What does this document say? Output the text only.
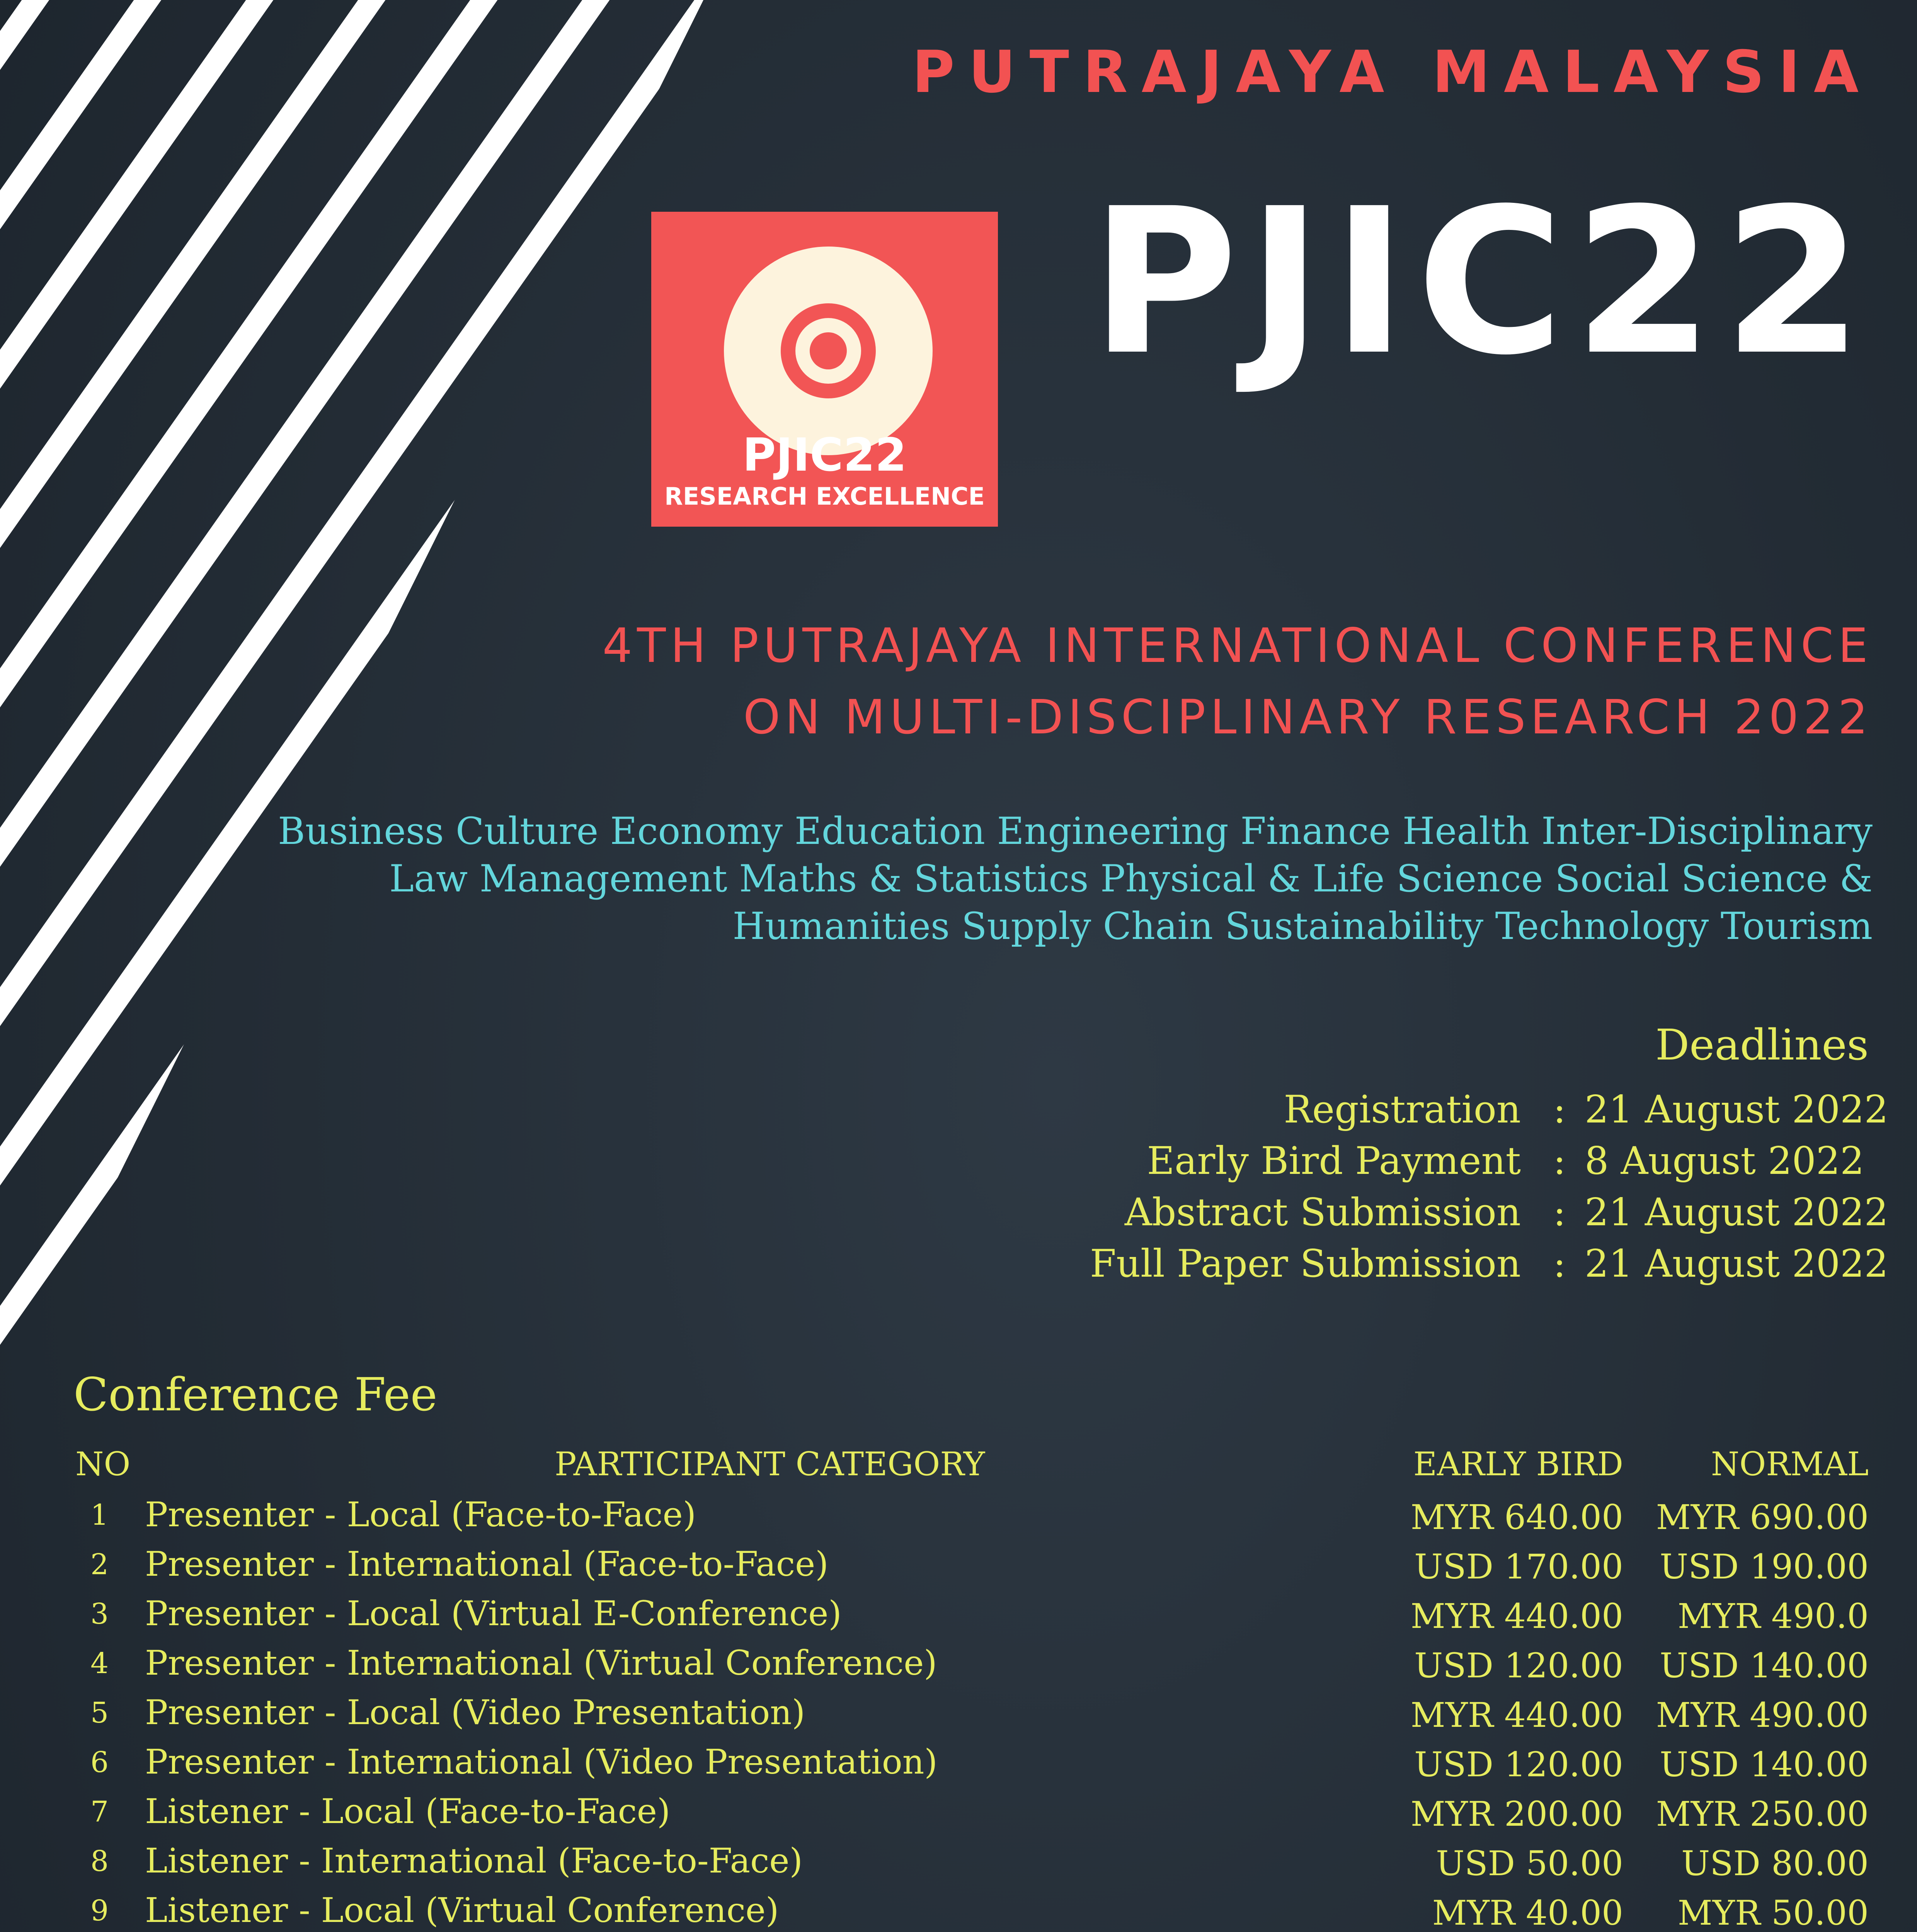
PUTRAJAYA MALAYSIA
PJIC22
RESEARCH EXCELLENCE
PJIC22
4TH PUTRAJAYA INTERNATIONAL CONFERENCE
ON MULTI-DISCIPLINARY RESEARCH 2022
Business Culture Economy Education Engineering Finance Health Inter-Disciplinary Law Management Maths & Statistics Physical & Life Science Social Science & Humanities Supply Chain Sustainability Technology Tourism
Deadlines
Registration : 21 August 2022
Early Bird Payment : 8 August 2022
Abstract Submission : 21 August 2022
Full Paper Submission : 21 August 2022
Conference Fee
NO	PARTICIPANT CATEGORY	EARLY BIRD	NORMAL
1	Presenter - Local (Face-to-Face)	MYR 640.00 MYR 690.00
2	Presenter - International (Face-to-Face)	USD 170.00 USD 190.00
3	Presenter - Local (Virtual E-Conference)	MYR 440.00 MYR 490.0
4	Presenter - International (Virtual Conference)	USD 120.00 USD 140.00
5	Presenter - Local (Video Presentation)	MYR 440.00 MYR 490.00
6	Presenter - International (Video Presentation)	USD 120.00 USD 140.00
7	Listener - Local (Face-to-Face)	MYR 200.00 MYR 250.00
8	Listener - International (Face-to-Face)	USD 50.00 USD 80.00
9	Listener - Local (Virtual Conference)	MYR 40.00 MYR 50.00
